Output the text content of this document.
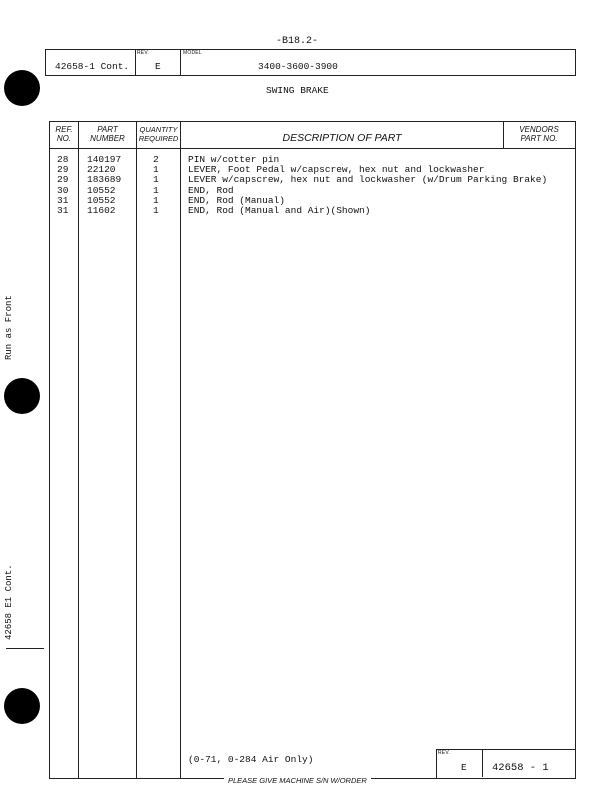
Run as Front
42658 E1 Cont.
-B18.2-
42658-1 Cont.
REV.
E
MODEL
3400-3600-3900
SWING BRAKE
REF.
NO.
PART
NUMBER
QUANTITY
REQUIRED	DESCRIPTION OF PART
VENDORS
PART NO.
28 140197	2	PIN w/cotter pin
29 22120	1	LEVER, Foot Pedal w/capscrew, hex nut and lockwasher
29 183689	1	LEVER w/capscrew, hex nut and lockwasher (w/Drum Parking Brake)
30 10552	1	END, Rod
31 10552	1	END, Rod (Manual)
31 11602	1	END, Rod (Manual and Air)(Shown)
(0-71, 0-284 Air Only)
REV.
E 42658 - 1
PLEASE GIVE MACHINE S/N W/ORDER
